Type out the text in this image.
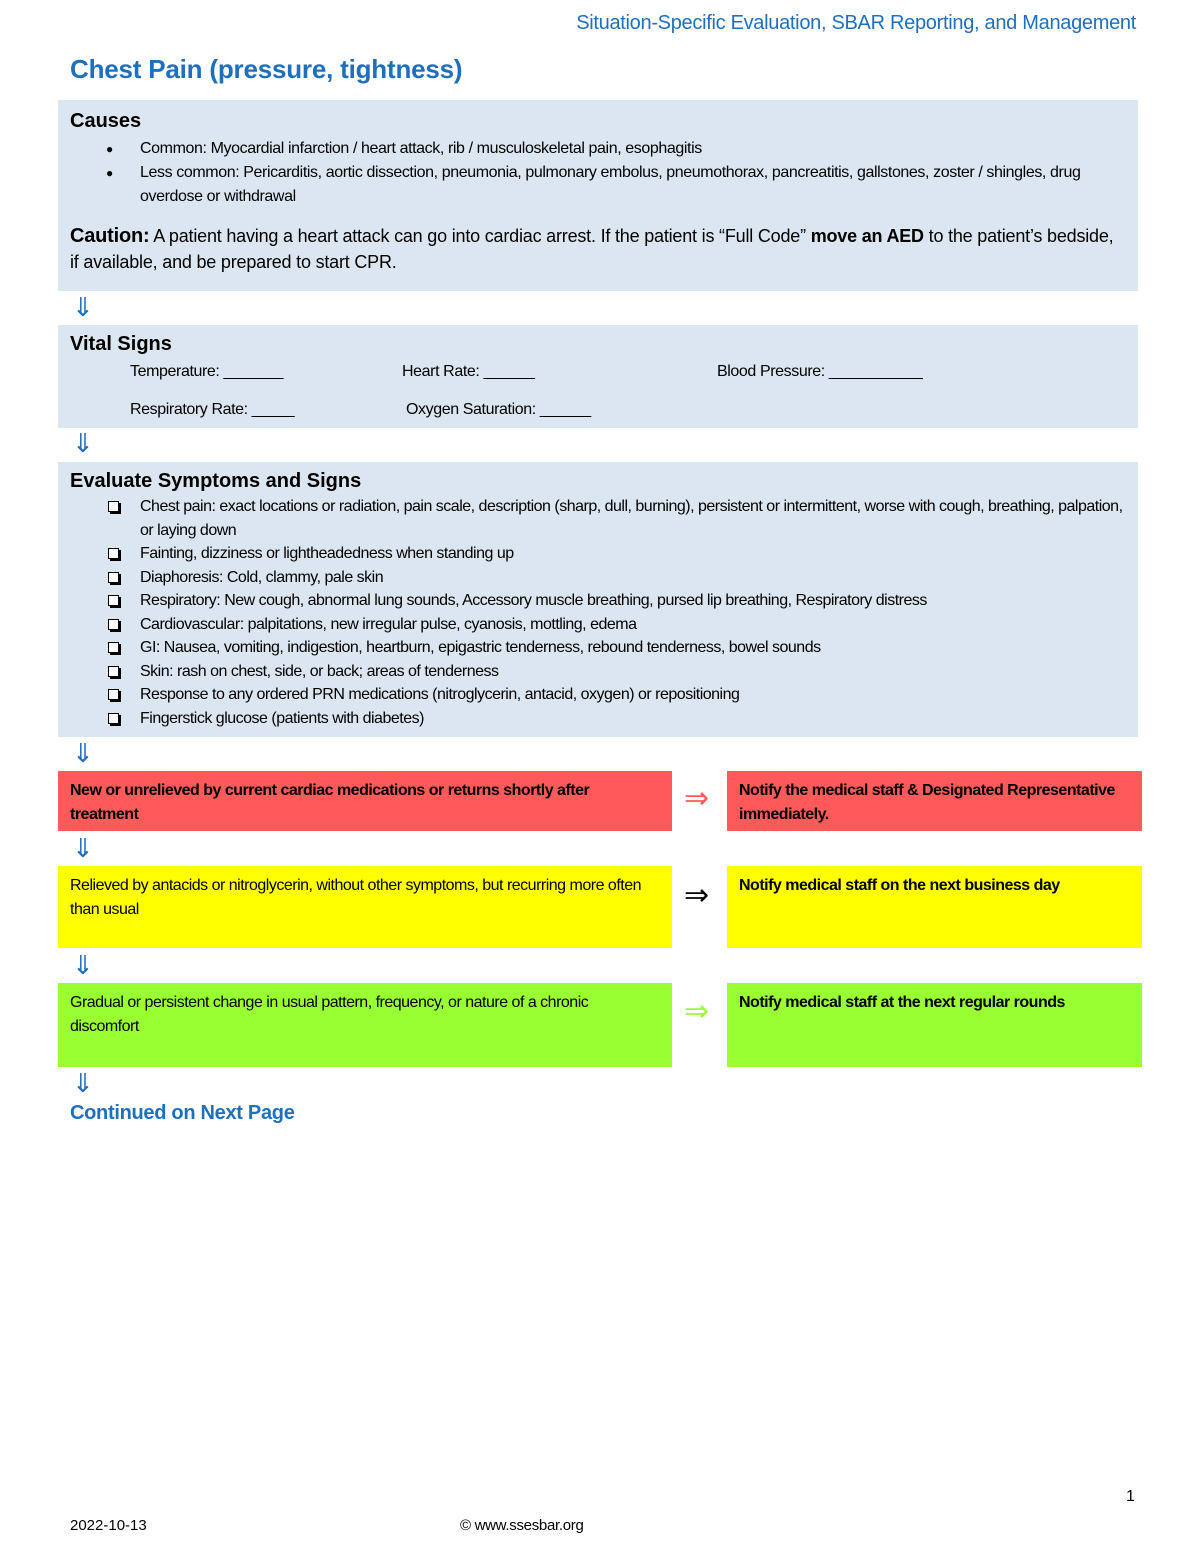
Situation-Specific Evaluation, SBAR Reporting, and Management
Chest Pain (pressure, tightness)
Causes
● Common: Myocardial infarction / heart attack, rib / musculoskeletal pain, esophagitis
● Less common: Pericarditis, aortic dissection, pneumonia, pulmonary embolus, pneumothorax, pancreatitis, gallstones, zoster / shingles, drug overdose or withdrawal
Caution: A patient having a heart attack can go into cardiac arrest. If the patient is “Full Code” move an AED to the patient’s bedside, if available, and be prepared to start CPR.
⇓
Vital Signs
Temperature: _______	Heart Rate: ______	Blood Pressure: ___________
Respiratory Rate: _____	Oxygen Saturation: ______
⇓
Evaluate Symptoms and Signs
Chest pain: exact locations or radiation, pain scale, description (sharp, dull, burning), persistent or intermittent, worse with cough, breathing, palpation, or laying down
Fainting, dizziness or lightheadedness when standing up
Diaphoresis: Cold, clammy, pale skin
Respiratory: New cough, abnormal lung sounds, Accessory muscle breathing, pursed lip breathing, Respiratory distress
Cardiovascular: palpitations, new irregular pulse, cyanosis, mottling, edema
GI: Nausea, vomiting, indigestion, heartburn, epigastric tenderness, rebound tenderness, bowel sounds
Skin: rash on chest, side, or back; areas of tenderness
Response to any ordered PRN medications (nitroglycerin, antacid, oxygen) or repositioning
Fingerstick glucose (patients with diabetes)
⇓
New or unrelieved by current cardiac medications or returns shortly after treatment	⇒	Notify the medical staff & Designated Representative immediately.
⇓
Relieved by antacids or nitroglycerin, without other symptoms, but recurring more often than usual	⇒	Notify medical staff on the next business day
⇓
Gradual or persistent change in usual pattern, frequency, or nature of a chronic discomfort	⇒	Notify medical staff at the next regular rounds
⇓
Continued on Next Page
1
2022-10-13	© www.ssesbar.org
